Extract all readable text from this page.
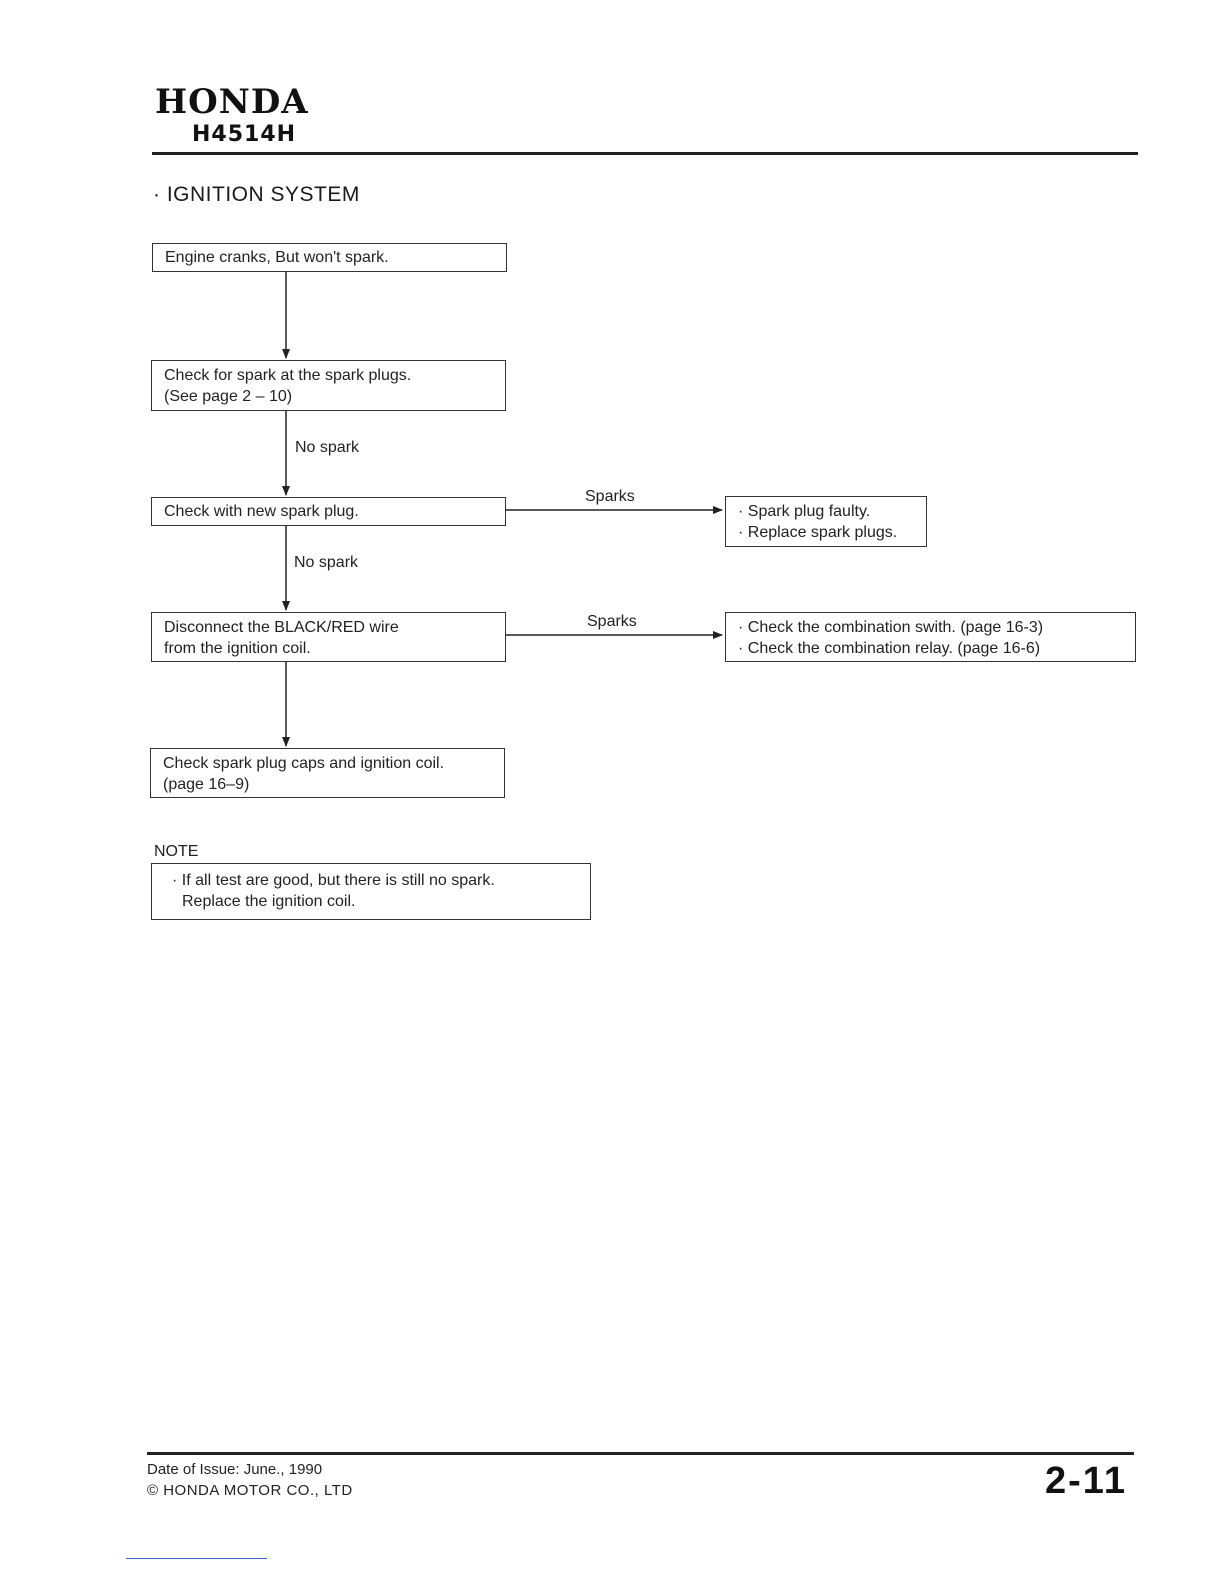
HONDA
H4514H
· IGNITION SYSTEM
Engine cranks, But won't spark.
Check for spark at the spark plugs.
(See page 2 – 10)
No spark
Check with new spark plug.
Sparks
· Spark plug faulty.
· Replace spark plugs.
No spark
Disconnect the BLACK/RED wire
from the ignition coil.
Sparks	· Check the combination swith. (page 16-3)
· Check the combination relay. (page 16-6)
Check spark plug caps and ignition coil.
(page 16–9)
NOTE
· If all test are good, but there is still no spark.
Replace the ignition coil.
Date of Issue: June., 1990
© HONDA MOTOR CO., LTD	2-11
